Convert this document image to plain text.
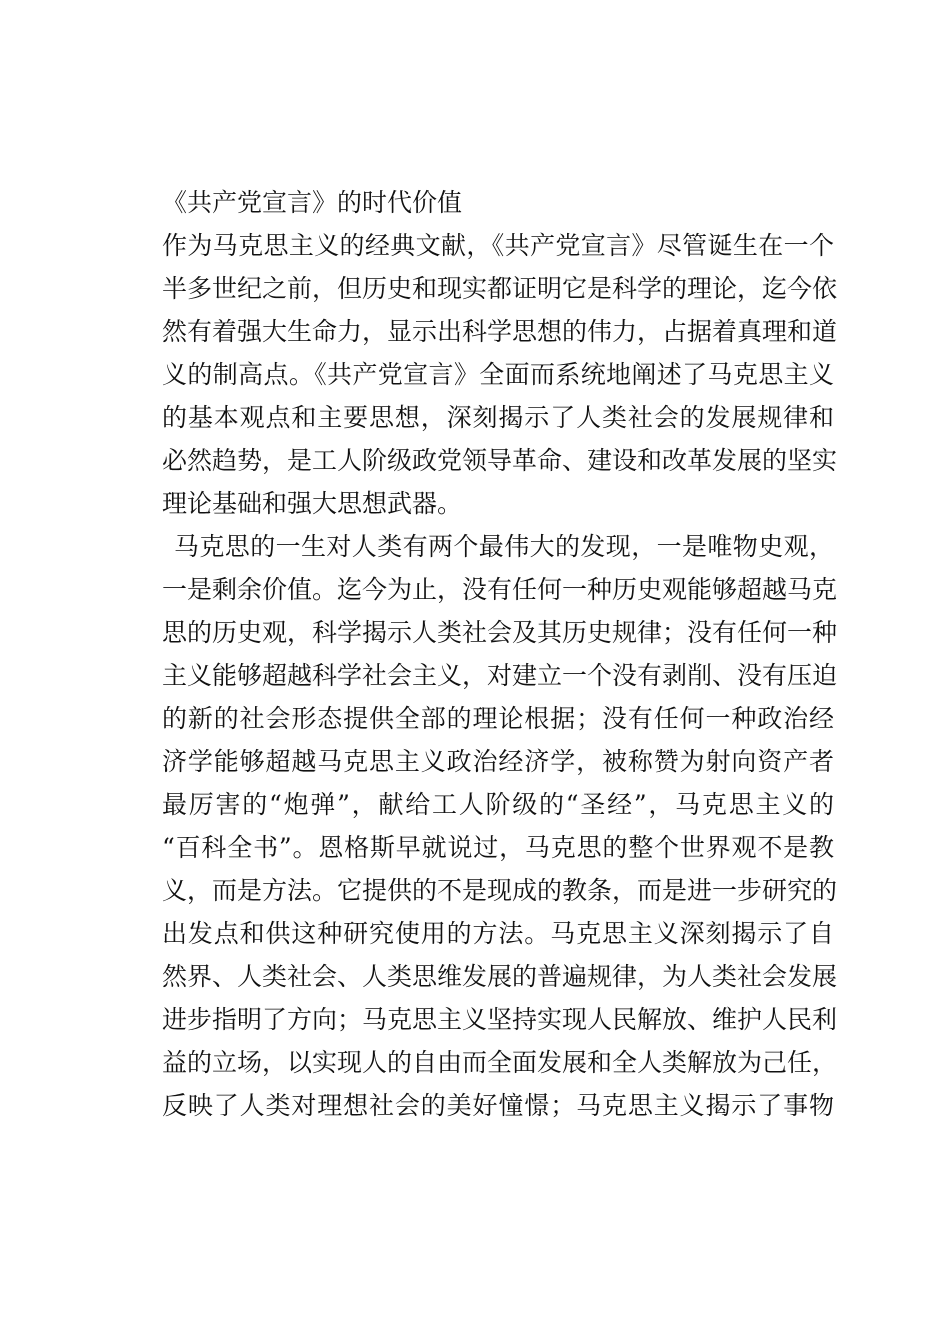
《共产党宣言》的时代价值
作为马克思主义的经典文献，《共产党宣言》尽管诞生在一个
半多世纪之前，但历史和现实都证明它是科学的理论，迄今依
然有着强大生命力，显示出科学思想的伟力，占据着真理和道
义的制高点。《共产党宣言》全面而系统地阐述了马克思主义
的基本观点和主要思想，深刻揭示了人类社会的发展规律和
必然趋势，是工人阶级政党领导革命、建设和改革发展的坚实
理论基础和强大思想武器。
马克思的一生对人类有两个最伟大的发现，一是唯物史观，
一是剩余价值。迄今为止，没有任何一种历史观能够超越马克
思的历史观，科学揭示人类社会及其历史规律；没有任何一种
主义能够超越科学社会主义，对建立一个没有剥削、没有压迫
的新的社会形态提供全部的理论根据；没有任何一种政治经
济学能够超越马克思主义政治经济学，被称赞为射向资产者
最厉害的“炮弹”，献给工人阶级的“圣经”，马克思主义的
“百科全书”。恩格斯早就说过，马克思的整个世界观不是教
义，而是方法。它提供的不是现成的教条，而是进一步研究的
出发点和供这种研究使用的方法。马克思主义深刻揭示了自
然界、人类社会、人类思维发展的普遍规律，为人类社会发展
进步指明了方向；马克思主义坚持实现人民解放、维护人民利
益的立场，以实现人的自由而全面发展和全人类解放为己任，
反映了人类对理想社会的美好憧憬；马克思主义揭示了事物
